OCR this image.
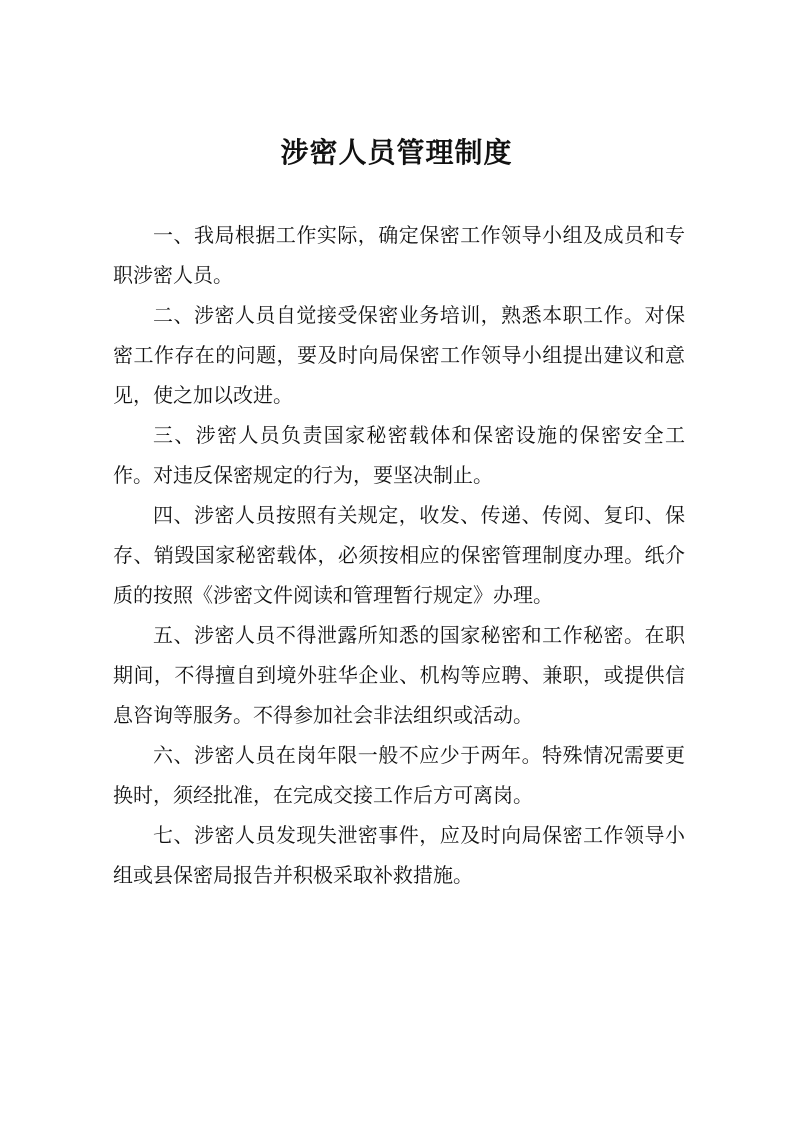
涉密人员管理制度

一、我局根据工作实际，确定保密工作领导小组及成员和专职涉密人员。

二、涉密人员自觉接受保密业务培训，熟悉本职工作。对保密工作存在的问题，要及时向局保密工作领导小组提出建议和意见，使之加以改进。

三、涉密人员负责国家秘密载体和保密设施的保密安全工作。对违反保密规定的行为，要坚决制止。

四、涉密人员按照有关规定，收发、传递、传阅、复印、保存、销毁国家秘密载体，必须按相应的保密管理制度办理。纸介质的按照《涉密文件阅读和管理暂行规定》办理。

五、涉密人员不得泄露所知悉的国家秘密和工作秘密。在职期间，不得擅自到境外驻华企业、机构等应聘、兼职，或提供信息咨询等服务。不得参加社会非法组织或活动。

六、涉密人员在岗年限一般不应少于两年。特殊情况需要更换时，须经批准，在完成交接工作后方可离岗。

七、涉密人员发现失泄密事件，应及时向局保密工作领导小组或县保密局报告并积极采取补救措施。
